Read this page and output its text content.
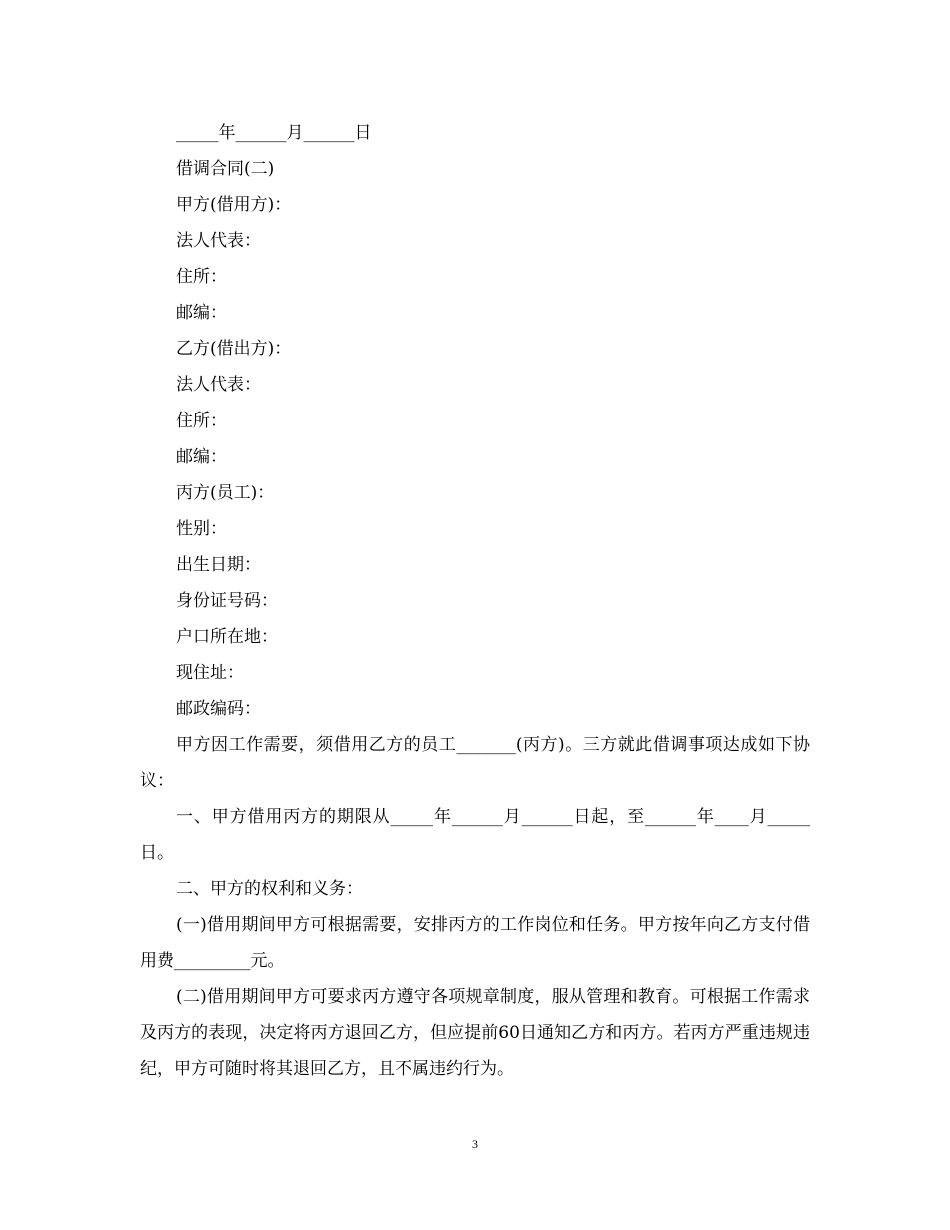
_____年______月______日

借调合同(二)

甲方(借用方)：

法人代表：

住所：

邮编：

乙方(借出方)：

法人代表：

住所：

邮编：

丙方(员工)：

性别：

出生日期：

身份证号码：

户口所在地：

现住址：

邮政编码：

甲方因工作需要，须借用乙方的员工_______(丙方)。三方就此借调事项达成如下协议：

一、甲方借用丙方的期限从_____年______月______日起，至______年____月_____日。

二、甲方的权利和义务：

(一)借用期间甲方可根据需要，安排丙方的工作岗位和任务。甲方按年向乙方支付借用费_________元。

(二)借用期间甲方可要求丙方遵守各项规章制度，服从管理和教育。可根据工作需求及丙方的表现，决定将丙方退回乙方，但应提前60日通知乙方和丙方。若丙方严重违规违纪，甲方可随时将其退回乙方，且不属违约行为。

3
